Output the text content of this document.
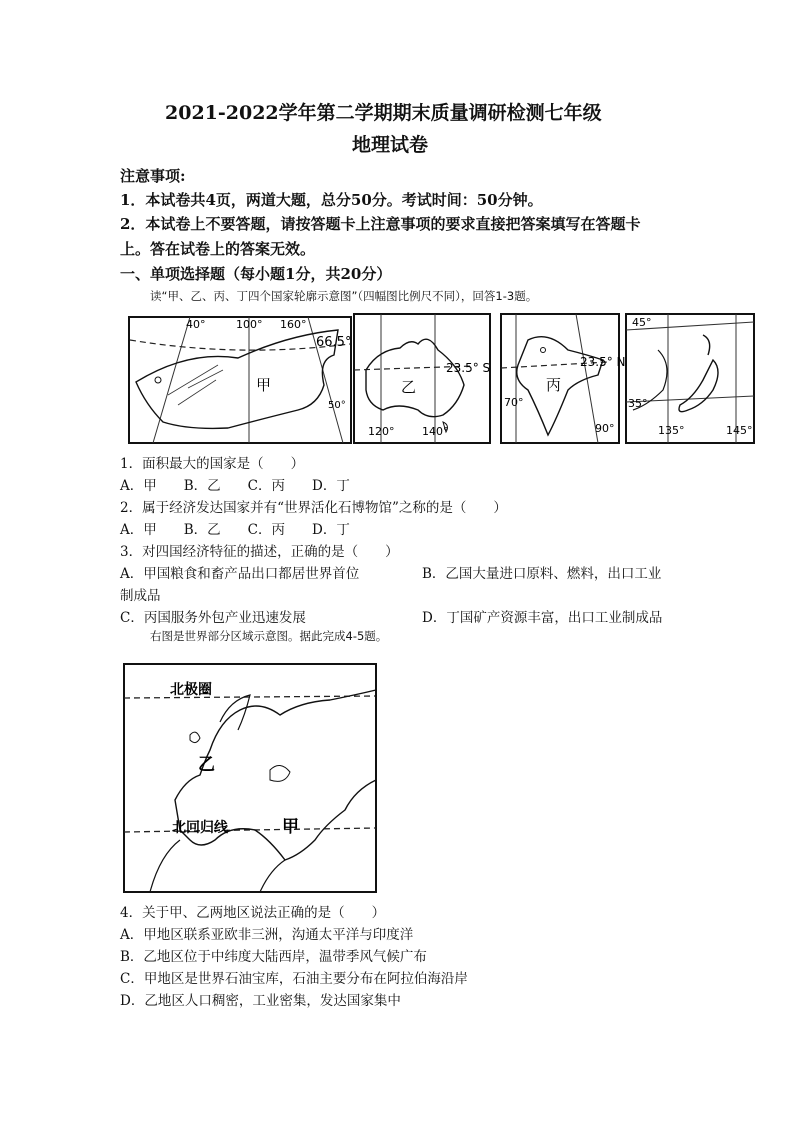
2021-2022学年第二学期期末质量调研检测七年级
地理试卷
注意事项:
1．本试卷共4页，两道大题，总分50分。考试时间：50分钟。
2．本试卷上不要答题，请按答题卡上注意事项的要求直接把答案填写在答题卡
上。答在试卷上的答案无效。
一、单项选择题（每小题1分，共20分）
读“甲、乙、丙、丁四个国家轮廓示意图”（四幅图比例尺不同），回答1-3题。
40°	100° 160°
66.5°
50°
甲
23.5° S
120°	140°
乙
23.5° N
70°
90°
丙
45°
35°
135°	145°
1．面积最大的国家是（　　）
A．甲　　B．乙　　C．丙　　D．丁
2．属于经济发达国家并有“世界活化石博物馆”之称的是（　　）
A．甲　　B．乙　　C．丙　　D．丁
3．对四国经济特征的描述，正确的是（　　）
A．甲国粮食和畜产品出口都居世界首位	B．乙国大量进口原料、燃料，出口工业
制成品
C．丙国服务外包产业迅速发展	D．丁国矿产资源丰富，出口工业制成品
右图是世界部分区域示意图。据此完成4-5题。
北极圈
北回归线	甲
乙
4．关于甲、乙两地区说法正确的是（　　）
A．甲地区联系亚欧非三洲，沟通太平洋与印度洋
B．乙地区位于中纬度大陆西岸，温带季风气候广布
C．甲地区是世界石油宝库，石油主要分布在阿拉伯海沿岸
D．乙地区人口稠密，工业密集，发达国家集中
